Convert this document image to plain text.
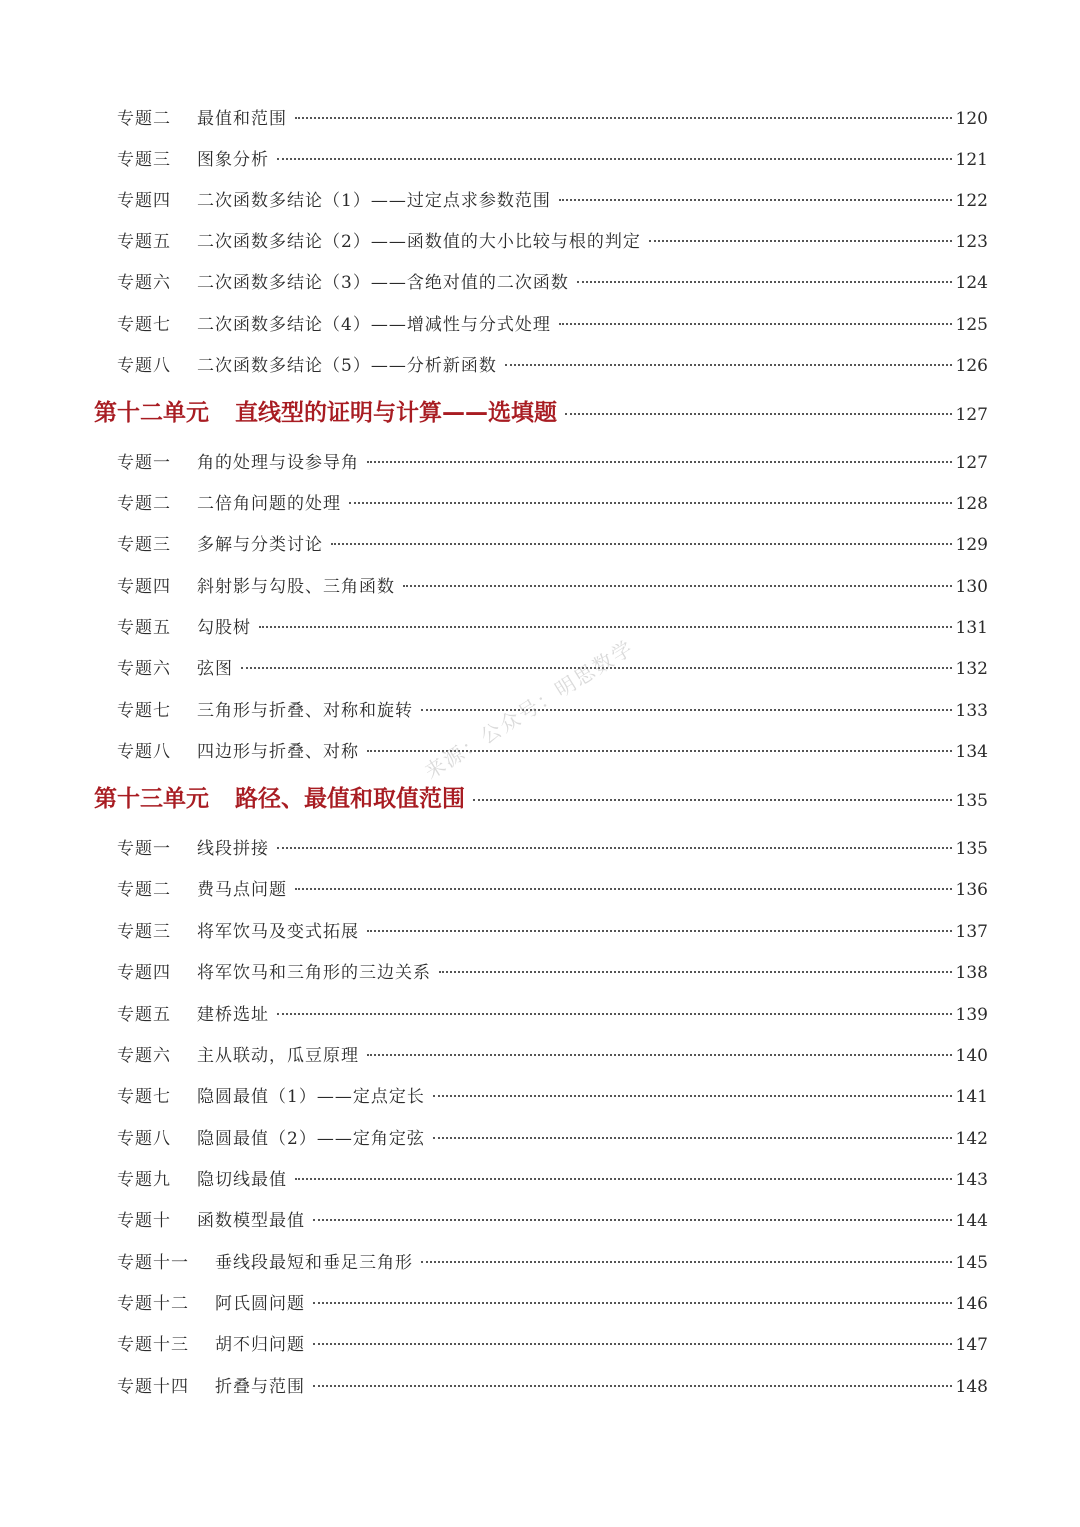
专题二	最值和范围	120
专题三	图象分析	121
专题四	二次函数多结论（1）——过定点求参数范围	122
专题五	二次函数多结论（2）——函数值的大小比较与根的判定	123
专题六	二次函数多结论（3）——含绝对值的二次函数	124
专题七	二次函数多结论（4）——增减性与分式处理	125
专题八	二次函数多结论（5）——分析新函数	126
第十二单元 直线型的证明与计算——选填题	127
专题一	角的处理与设参导角	127
专题二	二倍角问题的处理	128
专题三	多解与分类讨论	129
专题四	斜射影与勾股、三角函数	130
专题五	勾股树	131
专题六	弦图	132
专题七	三角形与折叠、对称和旋转	133
专题八	四边形与折叠、对称	134
第十三单元 路径、最值和取值范围	135
专题一	线段拼接	135
专题二	费马点问题	136
专题三	将军饮马及变式拓展	137
专题四	将军饮马和三角形的三边关系	138
专题五	建桥选址	139
专题六	主从联动，瓜豆原理	140
专题七	隐圆最值（1）——定点定长	141
专题八	隐圆最值（2）——定角定弦	142
专题九	隐切线最值	143
专题十	函数模型最值	144
专题十一	垂线段最短和垂足三角形	145
专题十二	阿氏圆问题	146
专题十三	胡不归问题	147
专题十四	折叠与范围	148
来源：公众号：明思数学
